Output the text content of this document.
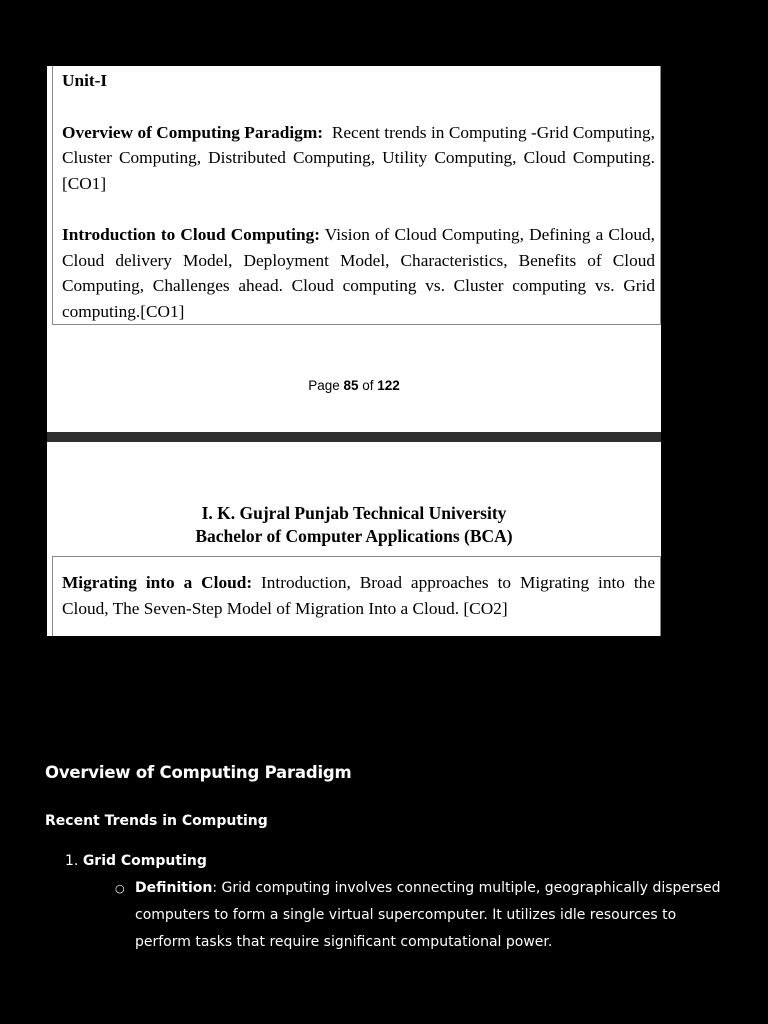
Unit-I

Overview of Computing Paradigm:  Recent trends in Computing -Grid Computing, Cluster Computing, Distributed Computing, Utility Computing, Cloud Computing.   [CO1]

Introduction to Cloud Computing: Vision of Cloud Computing, Defining a Cloud, Cloud delivery Model, Deployment Model, Characteristics, Benefits of Cloud Computing, Challenges ahead. Cloud computing vs. Cluster computing vs. Grid computing.[CO1]

Page 85 of 122
I. K. Gujral Punjab Technical University
Bachelor of Computer Applications (BCA)

Migrating into a Cloud: Introduction, Broad approaches to Migrating into the Cloud, The Seven-Step Model of Migration Into a Cloud. [CO2]

Overview of Computing Paradigm

Recent Trends in Computing

1. Grid Computing
○ Definition: Grid computing involves connecting multiple, geographically dispersed computers to form a single virtual supercomputer. It utilizes idle resources to perform tasks that require significant computational power.
